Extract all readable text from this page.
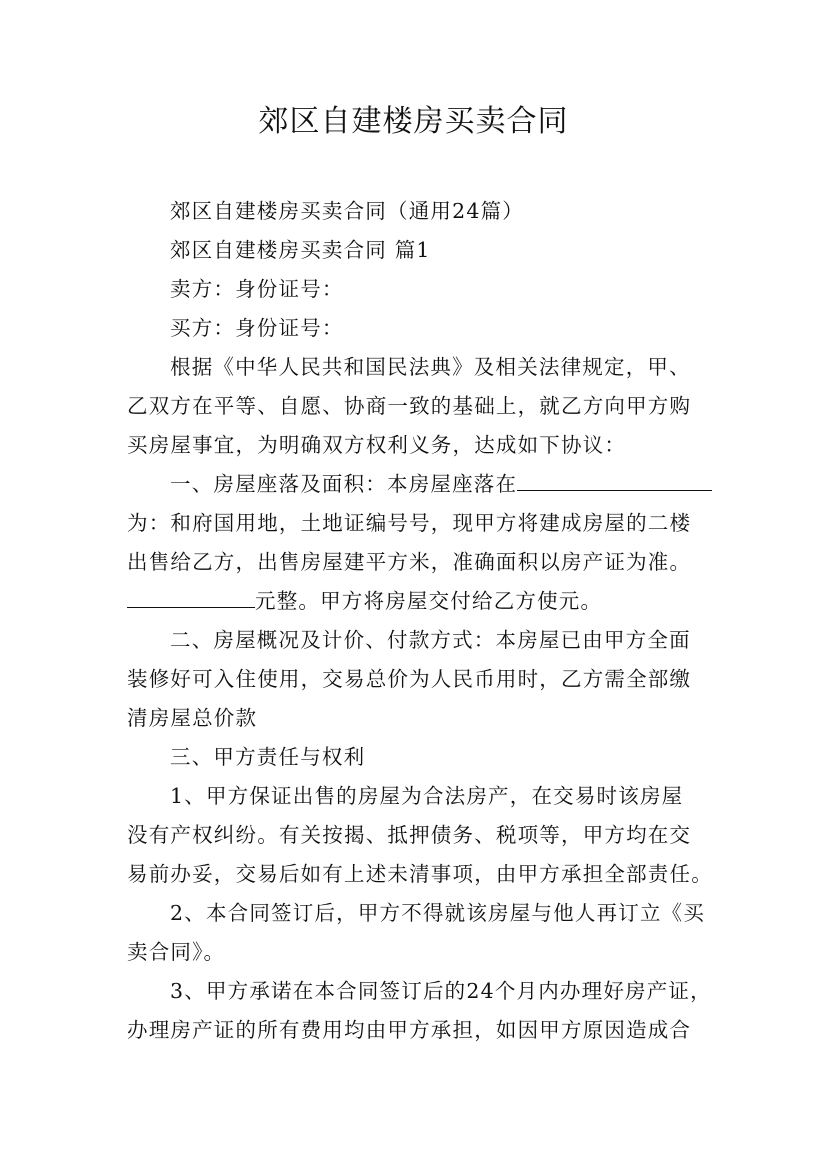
郊区自建楼房买卖合同
郊区自建楼房买卖合同（通用24篇）
郊区自建楼房买卖合同 篇1
卖方：身份证号：
买方：身份证号：
根据《中华人民共和国民法典》及相关法律规定，甲、
乙双方在平等、自愿、协商一致的基础上，就乙方向甲方购
买房屋事宜，为明确双方权利义务，达成如下协议：
一、房屋座落及面积：本房屋座落在
为：和府国用地，土地证编号号，现甲方将建成房屋的二楼
出售给乙方，出售房屋建平方米，准确面积以房产证为准。
元整。甲方将房屋交付给乙方使元。
二、房屋概况及计价、付款方式：本房屋已由甲方全面
装修好可入住使用，交易总价为人民币用时，乙方需全部缴
清房屋总价款
三、甲方责任与权利
1、甲方保证出售的房屋为合法房产，在交易时该房屋
没有产权纠纷。有关按揭、抵押债务、税项等，甲方均在交
易前办妥，交易后如有上述未清事项，由甲方承担全部责任。
2、本合同签订后，甲方不得就该房屋与他人再订立《买
卖合同》。
3、甲方承诺在本合同签订后的24个月内办理好房产证，
办理房产证的所有费用均由甲方承担，如因甲方原因造成合
